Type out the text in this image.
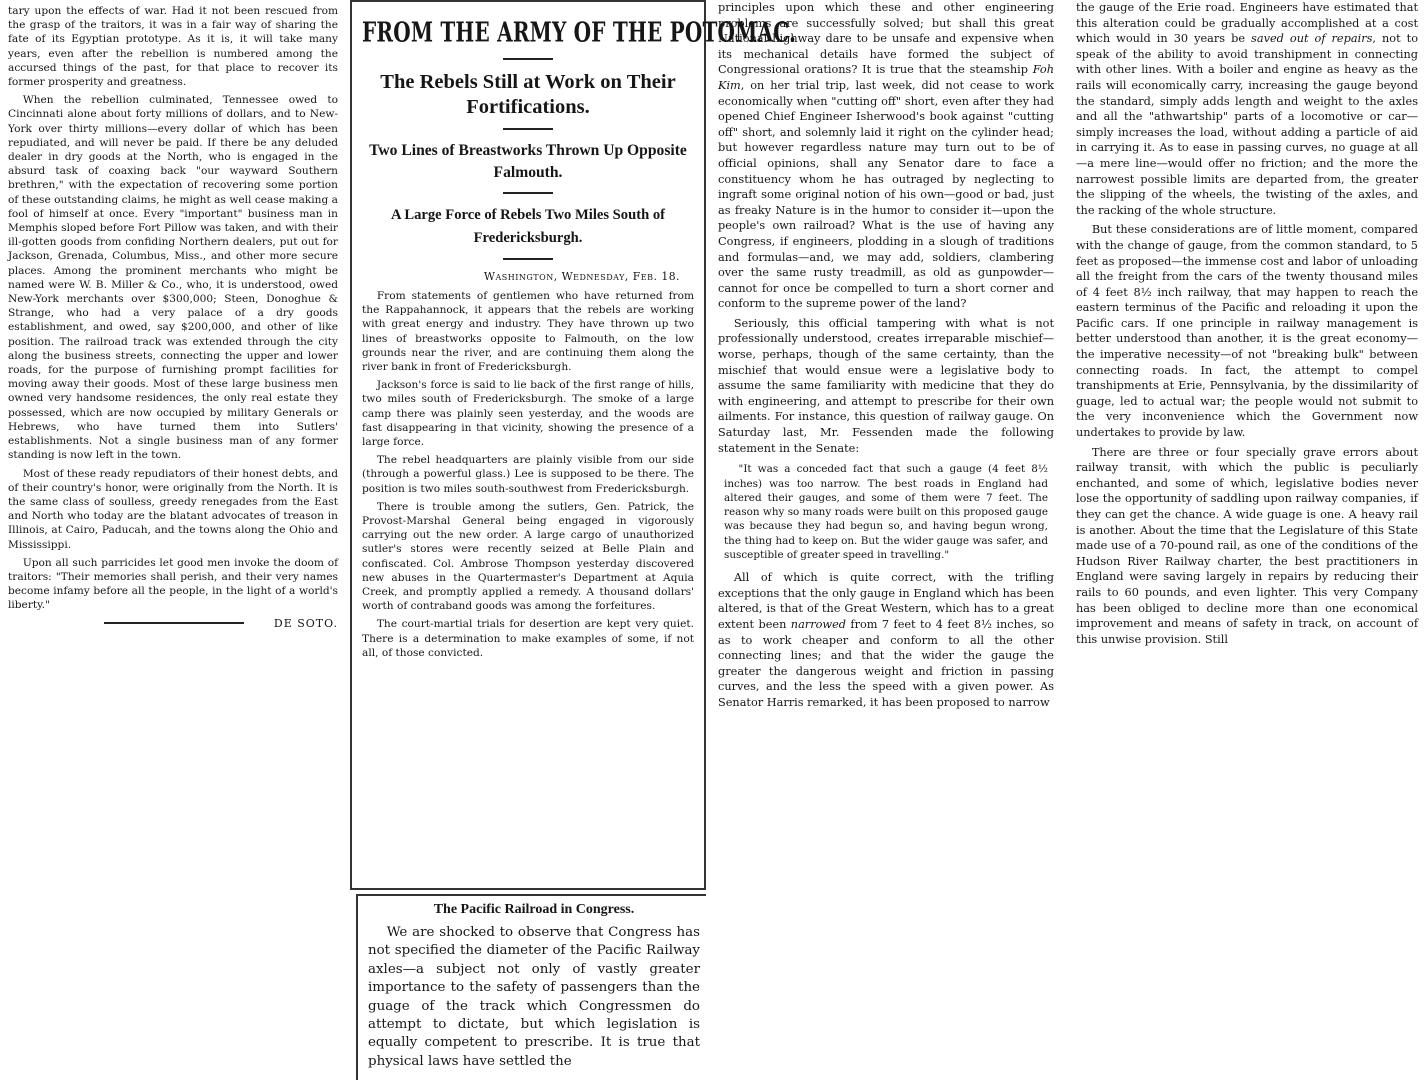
tary upon the effects of war. Had it not been rescued from the grasp of the traitors, it was in a fair way of sharing the fate of its Egyptian prototype. As it is, it will take many years, even after the rebellion is numbered among the accursed things of the past, for that place to recover its former prosperity and greatness.

When the rebellion culminated, Tennessee owed to Cincinnati alone about forty millions of dollars, and to New-York over thirty millions—every dollar of which has been repudiated, and will never be paid. If there be any deluded dealer in dry goods at the North, who is engaged in the absurd task of coaxing back "our wayward Southern brethren," with the expectation of recovering some portion of these outstanding claims, he might as well cease making a fool of himself at once. Every "important" business man in Memphis sloped before Fort Pillow was taken, and with their ill-gotten goods from confiding Northern dealers, put out for Jackson, Grenada, Columbus, Miss., and other more secure places. Among the prominent merchants who might be named were W. B. Miller & Co., who, it is understood, owed New-York merchants over $300,000; Steen, Donoghue & Strange, who had a very palace of a dry goods establishment, and owed, say $200,000, and other of like position. The railroad track was extended through the city along the business streets, connecting the upper and lower roads, for the purpose of furnishing prompt facilities for moving away their goods. Most of these large business men owned very handsome residences, the only real estate they possessed, which are now occupied by military Generals or Hebrews, who have turned them into Sutlers' establishments. Not a single business man of any former standing is now left in the town.

Most of these ready repudiators of their honest debts, and of their country's honor, were originally from the North. It is the same class of soulless, greedy renegades from the East and North who today are the blatant advocates of treason in Illinois, at Cairo, Paducah, and the towns along the Ohio and Mississippi.

Upon all such parricides let good men invoke the doom of traitors: "Their memories shall perish, and their very names become infamy before all the people, in the light of a world's liberty."

DE SOTO.
FROM THE ARMY OF THE POTOMAC.
The Rebels Still at Work on Their Fortifications.
Two Lines of Breastworks Thrown Up Opposite Falmouth.
A Large Force of Rebels Two Miles South of Fredericksburgh.
Washington, Wednesday, Feb. 18.

From statements of gentlemen who have returned from the Rappahannock, it appears that the rebels are working with great energy and industry. They have thrown up two lines of breastworks opposite to Falmouth, on the low grounds near the river, and are continuing them along the river bank in front of Fredericksburgh.

Jackson's force is said to lie back of the first range of hills, two miles south of Fredericksburgh. The smoke of a large camp there was plainly seen yesterday, and the woods are fast disappearing in that vicinity, showing the presence of a large force.

The rebel headquarters are plainly visible from our side (through a powerful glass.) Lee is supposed to be there. The position is two miles south-southwest from Fredericksburgh.

There is trouble among the sutlers, Gen. Patrick, the Provost-Marshal General being engaged in vigorously carrying out the new order. A large cargo of unauthorized sutler's stores were recently seized at Belle Plain and confiscated. Col. Ambrose Thompson yesterday discovered new abuses in the Quartermaster's Department at Aquia Creek, and promptly applied a remedy. A thousand dollars' worth of contraband goods was among the forfeitures.

The court-martial trials for desertion are kept very quiet. There is a determination to make examples of some, if not all, of those convicted.

The Pacific Railroad in Congress.

We are shocked to observe that Congress has not specified the diameter of the Pacific Railway axles—a subject not only of vastly greater importance to the safety of passengers than the guage of the track which Congressmen do attempt to dictate, but which legislation is equally competent to prescribe. It is true that physical laws have settled the

principles upon which these and other engineering problems are successfully solved; but shall this great National highway dare to be unsafe and expensive when its mechanical details have formed the subject of Congressional orations? It is true that the steamship Foh Kim, on her trial trip, last week, did not cease to work economically when "cutting off" short, even after they had opened Chief Engineer Isherwood's book against "cutting off" short, and solemnly laid it right on the cylinder head; but however regardless nature may turn out to be of official opinions, shall any Senator dare to face a constituency whom he has outraged by neglecting to ingraft some original notion of his own—good or bad, just as freaky Nature is in the humor to consider it—upon the people's own railroad? What is the use of having any Congress, if engineers, plodding in a slough of traditions and formulas—and, we may add, soldiers, clambering over the same rusty treadmill, as old as gunpowder—cannot for once be compelled to turn a short corner and conform to the supreme power of the land?

Seriously, this official tampering with what is not professionally understood, creates irreparable mischief—worse, perhaps, though of the same certainty, than the mischief that would ensue were a legislative body to assume the same familiarity with medicine that they do with engineering, and attempt to prescribe for their own ailments. For instance, this question of railway gauge. On Saturday last, Mr. Fessenden made the following statement in the Senate:

"It was a conceded fact that such a gauge (4 feet 8½ inches) was too narrow. The best roads in England had altered their gauges, and some of them were 7 feet. The reason why so many roads were built on this proposed gauge was because they had begun so, and having begun wrong, the thing had to keep on. But the wider gauge was safer, and susceptible of greater speed in travelling."

All of which is quite correct, with the trifling exceptions that the only gauge in England which has been altered, is that of the Great Western, which has to a great extent been narrowed from 7 feet to 4 feet 8½ inches, so as to work cheaper and conform to all the other connecting lines; and that the wider the gauge the greater the dangerous weight and friction in passing curves, and the less the speed with a given power. As Senator Harris remarked, it has been proposed to narrow

the gauge of the Erie road. Engineers have estimated that this alteration could be gradually accomplished at a cost which would in 30 years be saved out of repairs, not to speak of the ability to avoid transhipment in connecting with other lines. With a boiler and engine as heavy as the rails will economically carry, increasing the gauge beyond the standard, simply adds length and weight to the axles and all the "athwartship" parts of a locomotive or car—simply increases the load, without adding a particle of aid in carrying it. As to ease in passing curves, no guage at all—a mere line—would offer no friction; and the more the narrowest possible limits are departed from, the greater the slipping of the wheels, the twisting of the axles, and the racking of the whole structure.

But these considerations are of little moment, compared with the change of gauge, from the common standard, to 5 feet as proposed—the immense cost and labor of unloading all the freight from the cars of the twenty thousand miles of 4 feet 8½ inch railway, that may happen to reach the eastern terminus of the Pacific and reloading it upon the Pacific cars. If one principle in railway management is better understood than another, it is the great economy—the imperative necessity—of not "breaking bulk" between connecting roads. In fact, the attempt to compel transhipments at Erie, Pennsylvania, by the dissimilarity of guage, led to actual war; the people would not submit to the very inconvenience which the Government now undertakes to provide by law.

There are three or four specially grave errors about railway transit, with which the public is peculiarly enchanted, and some of which, legislative bodies never lose the opportunity of saddling upon railway companies, if they can get the chance. A wide guage is one. A heavy rail is another. About the time that the Legislature of this State made use of a 70-pound rail, as one of the conditions of the Hudson River Railway charter, the best practitioners in England were saving largely in repairs by reducing their rails to 60 pounds, and even lighter. This very Company has been obliged to decline more than one economical improvement and means of safety in track, on account of this unwise provision. Still
